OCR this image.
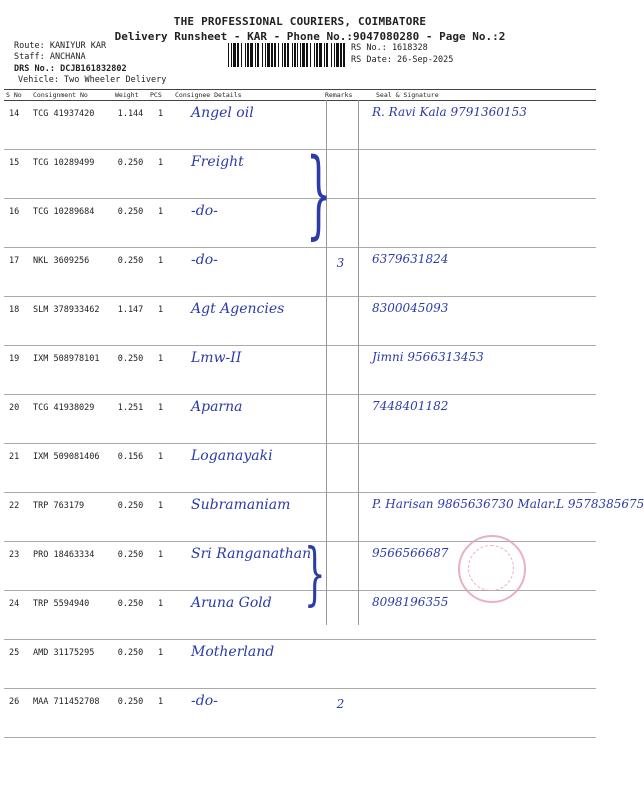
THE PROFESSIONAL COURIERS, COIMBATORE
Delivery Runsheet - KAR - Phone No.:9047080280 - Page No.:2
Route: KANIYUR KAR
Staff: ANCHANA
DRS No.: DCJB161832802
Vehicle: Two Wheeler Delivery
RS No.: 1618328
RS Date: 26-Sep-2025
S No	Consignment No	Weight	PCS	Consignee Details	Remarks	Seal & Signature
14	TCG 41937420	1.144	1	Angel oil		R. Ravi Kala 9791360153
15	TCG 10289499	0.250	1	Freight		
16	TCG 10289684	0.250	1	-do-		
17	NKL 3609256	0.250	1	-do-	3	6379631824
18	SLM 378933462	1.147	1	Agt Agencies		8300045093
19	IXM 508978101	0.250	1	Lmw-II		Jimni 9566313453
20	TCG 41938029	1.251	1	Aparna		7448401182
21	IXM 509081406	0.156	1	Loganayaki		
22	TRP 763179	0.250	1	Subramaniam		P. Harisan 9865636730 Malar.L 9578385675
23	PRO 18463334	0.250	1	Sri Ranganathan		9566566687
24	TRP 5594940	0.250	1	Aruna Gold		8098196355
25	AMD 31175295	0.250	1	Motherland		
26	MAA 711452708	0.250	1	-do-	2	
}
}
